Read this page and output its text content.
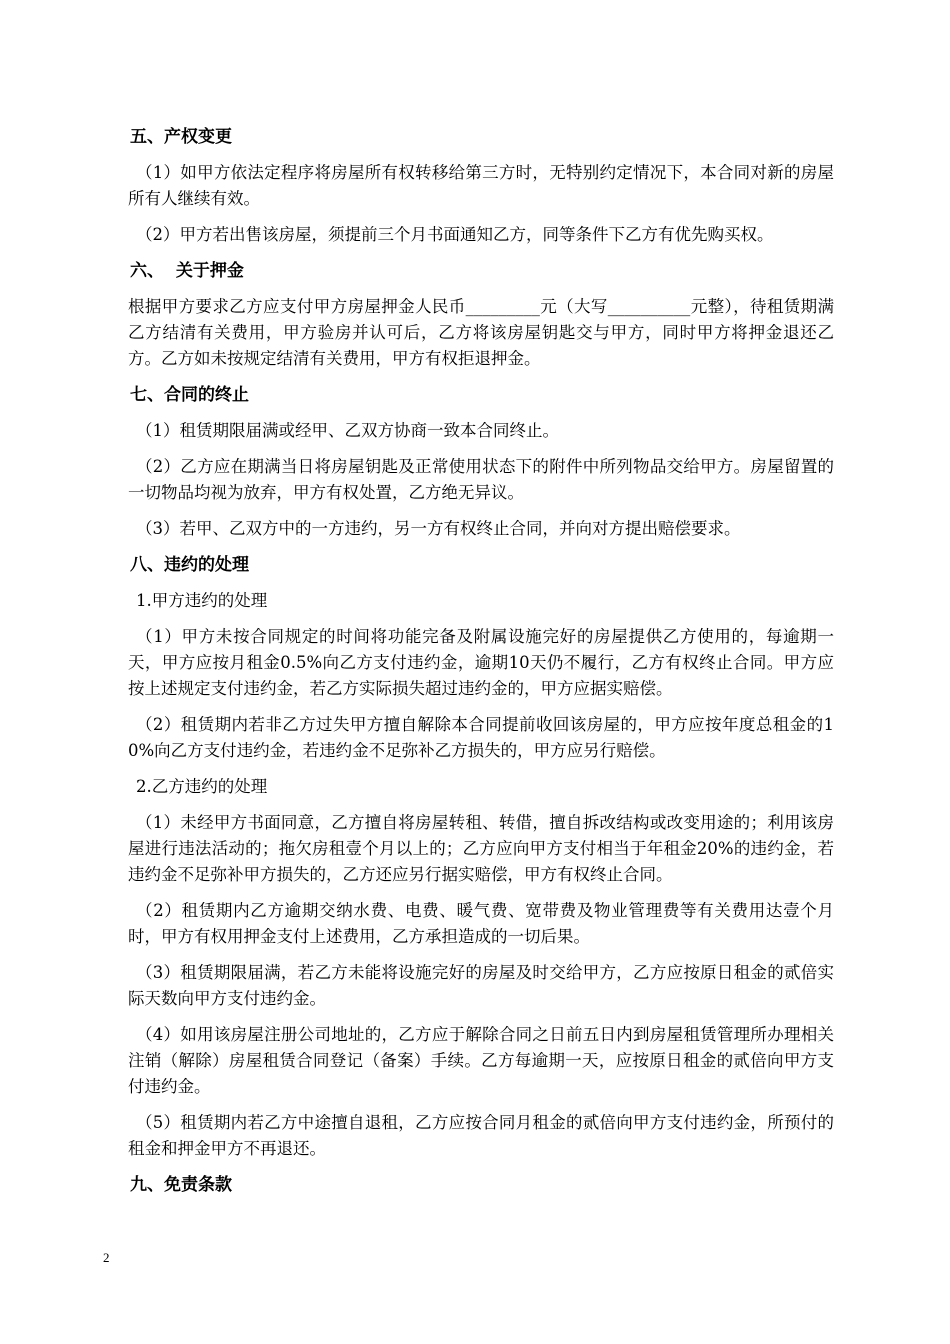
五、产权变更

（1）如甲方依法定程序将房屋所有权转移给第三方时，无特别约定情况下，本合同对新的房屋所有人继续有效。

（2）甲方若出售该房屋，须提前三个月书面通知乙方，同等条件下乙方有优先购买权。

六、  关于押金

根据甲方要求乙方应支付甲方房屋押金人民币_________元（大写__________元整），待租赁期满乙方结清有关费用，甲方验房并认可后，乙方将该房屋钥匙交与甲方，同时甲方将押金退还乙方。乙方如未按规定结清有关费用，甲方有权拒退押金。

七、合同的终止

（1）租赁期限届满或经甲、乙双方协商一致本合同终止。

（2）乙方应在期满当日将房屋钥匙及正常使用状态下的附件中所列物品交给甲方。房屋留置的一切物品均视为放弃，甲方有权处置，乙方绝无异议。

（3）若甲、乙双方中的一方违约，另一方有权终止合同，并向对方提出赔偿要求。

八、违约的处理

1.甲方违约的处理

（1）甲方未按合同规定的时间将功能完备及附属设施完好的房屋提供乙方使用的，每逾期一天，甲方应按月租金0.5%向乙方支付违约金，逾期10天仍不履行，乙方有权终止合同。甲方应按上述规定支付违约金，若乙方实际损失超过违约金的，甲方应据实赔偿。

（2）租赁期内若非乙方过失甲方擅自解除本合同提前收回该房屋的，甲方应按年度总租金的10%向乙方支付违约金，若违约金不足弥补乙方损失的，甲方应另行赔偿。

2.乙方违约的处理

（1）未经甲方书面同意，乙方擅自将房屋转租、转借，擅自拆改结构或改变用途的；利用该房屋进行违法活动的；拖欠房租壹个月以上的；乙方应向甲方支付相当于年租金20%的违约金，若违约金不足弥补甲方损失的，乙方还应另行据实赔偿，甲方有权终止合同。

（2）租赁期内乙方逾期交纳水费、电费、暖气费、宽带费及物业管理费等有关费用达壹个月时，甲方有权用押金支付上述费用，乙方承担造成的一切后果。

（3）租赁期限届满，若乙方未能将设施完好的房屋及时交给甲方，乙方应按原日租金的贰倍实际天数向甲方支付违约金。

（4）如用该房屋注册公司地址的，乙方应于解除合同之日前五日内到房屋租赁管理所办理相关注销（解除）房屋租赁合同登记（备案）手续。乙方每逾期一天，应按原日租金的贰倍向甲方支付违约金。

（5）租赁期内若乙方中途擅自退租，乙方应按合同月租金的贰倍向甲方支付违约金，所预付的租金和押金甲方不再退还。

九、免责条款
2
